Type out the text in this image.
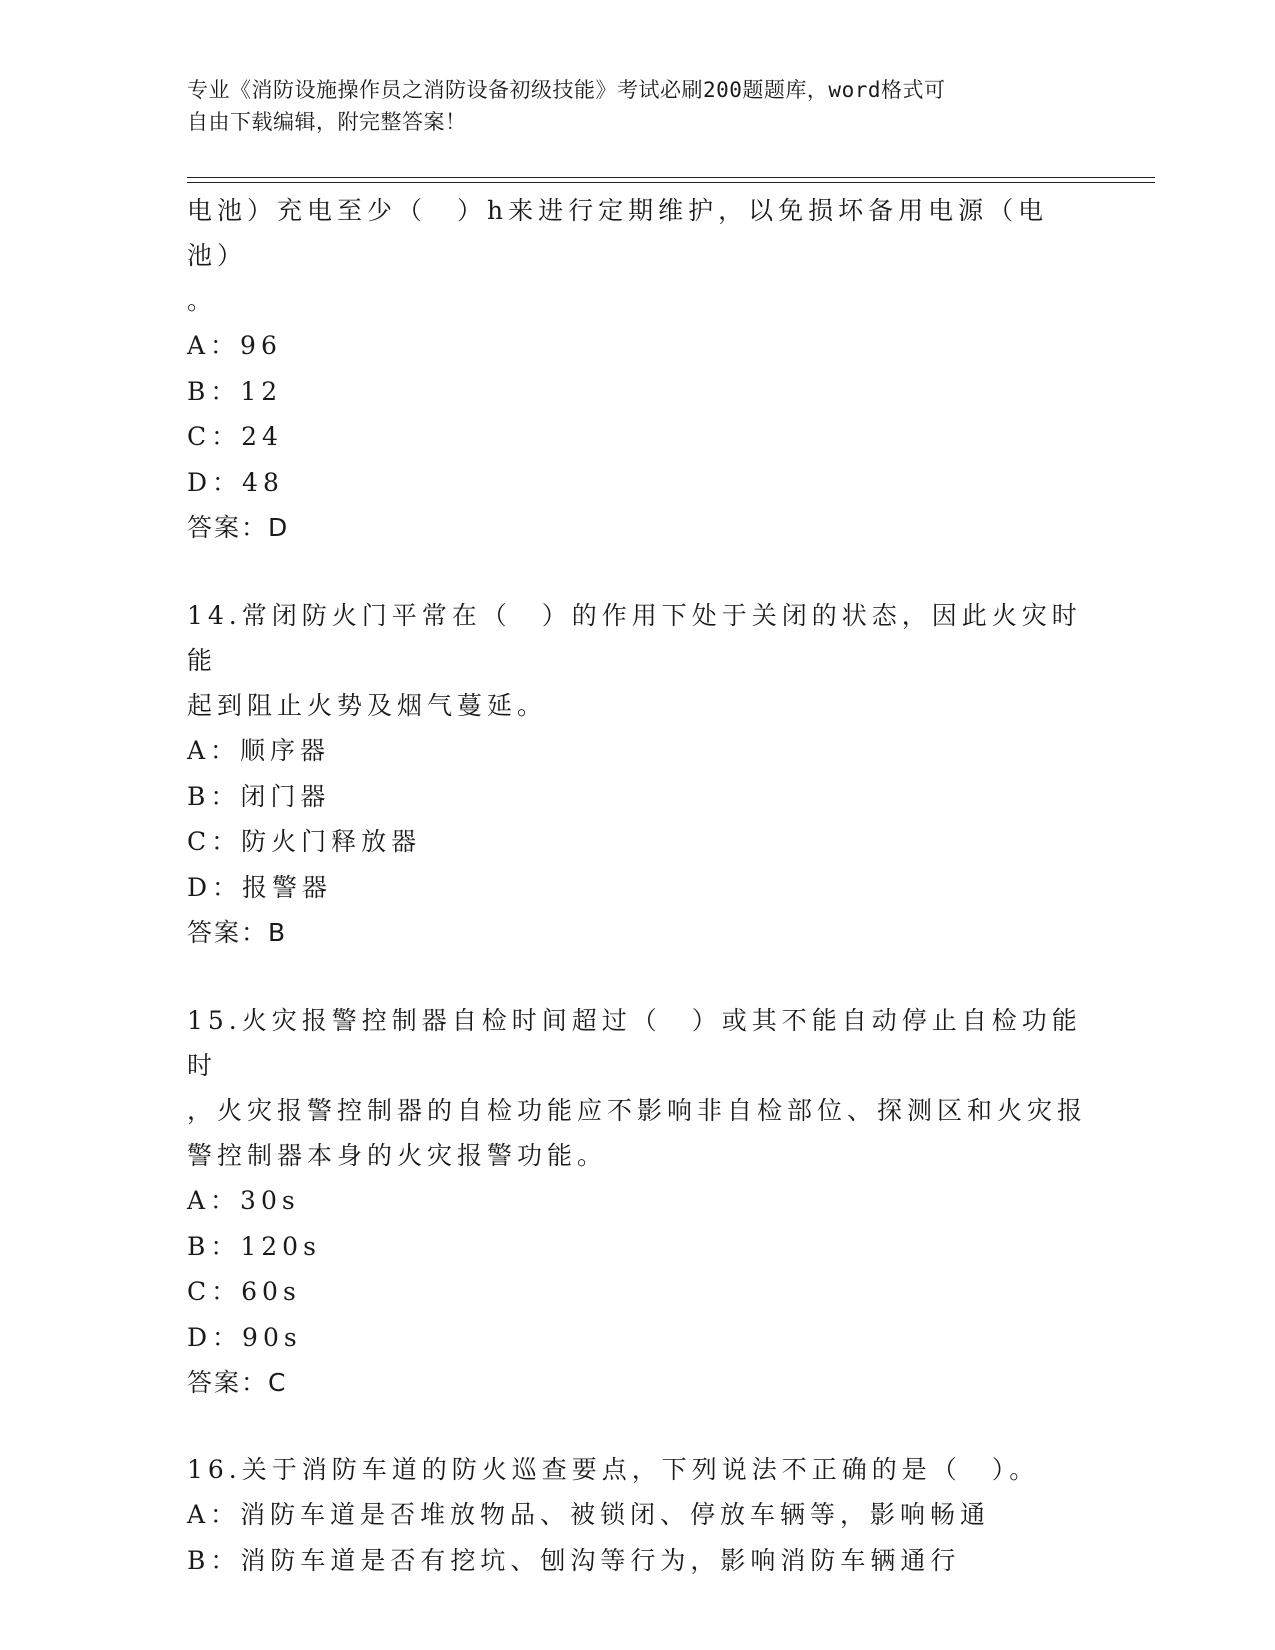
专业《消防设施操作员之消防设备初级技能》考试必刷200题题库，word格式可
自由下载编辑，附完整答案！

电池）充电至少（　）h来进行定期维护，以免损坏备用电源（电池）

。

A：96

B：12

C：24

D：48

答案：D

14.常闭防火门平常在（　）的作用下处于关闭的状态，因此火灾时能

起到阻止火势及烟气蔓延。

A：顺序器

B：闭门器

C：防火门释放器

D：报警器

答案：B

15.火灾报警控制器自检时间超过（　）或其不能自动停止自检功能时

，火灾报警控制器的自检功能应不影响非自检部位、探测区和火灾报

警控制器本身的火灾报警功能。

A：30s

B：120s

C：60s

D：90s

答案：C

16.关于消防车道的防火巡查要点，下列说法不正确的是（　）。

A：消防车道是否堆放物品、被锁闭、停放车辆等，影响畅通

B：消防车道是否有挖坑、刨沟等行为，影响消防车辆通行
